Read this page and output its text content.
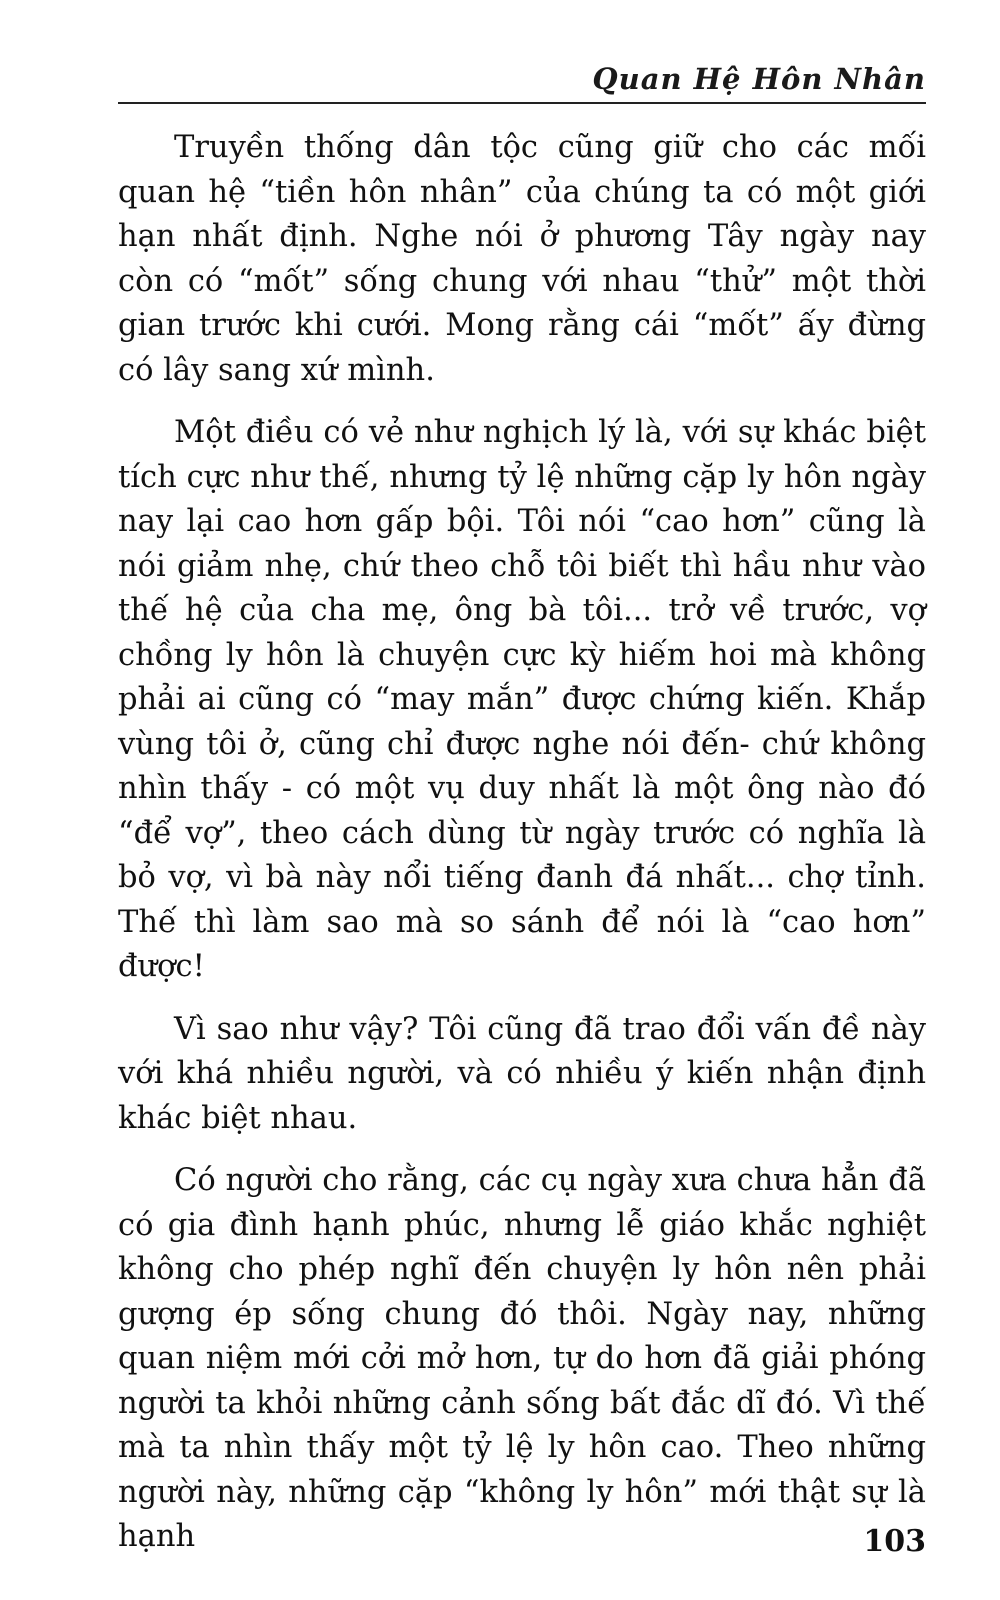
Quan Hệ Hôn Nhân

Truyền thống dân tộc cũng giữ cho các mối quan hệ “tiền hôn nhân” của chúng ta có một giới hạn nhất định. Nghe nói ở phương Tây ngày nay còn có “mốt” sống chung với nhau “thử” một thời gian trước khi cưới. Mong rằng cái “mốt” ấy đừng có lây sang xứ mình.

Một điều có vẻ như nghịch lý là, với sự khác biệt tích cực như thế, nhưng tỷ lệ những cặp ly hôn ngày nay lại cao hơn gấp bội. Tôi nói “cao hơn” cũng là nói giảm nhẹ, chứ theo chỗ tôi biết thì hầu như vào thế hệ của cha mẹ, ông bà tôi... trở về trước, vợ chồng ly hôn là chuyện cực kỳ hiếm hoi mà không phải ai cũng có “may mắn” được chứng kiến. Khắp vùng tôi ở, cũng chỉ được nghe nói đến- chứ không nhìn thấy - có một vụ duy nhất là một ông nào đó “để vợ”, theo cách dùng từ ngày trước có nghĩa là bỏ vợ, vì bà này nổi tiếng đanh đá nhất... chợ tỉnh. Thế thì làm sao mà so sánh để nói là “cao hơn” được!

Vì sao như vậy? Tôi cũng đã trao đổi vấn đề này với khá nhiều người, và có nhiều ý kiến nhận định khác biệt nhau.

Có người cho rằng, các cụ ngày xưa chưa hẳn đã có gia đình hạnh phúc, nhưng lễ giáo khắc nghiệt không cho phép nghĩ đến chuyện ly hôn nên phải gượng ép sống chung đó thôi. Ngày nay, những quan niệm mới cởi mở hơn, tự do hơn đã giải phóng người ta khỏi những cảnh sống bất đắc dĩ đó. Vì thế mà ta nhìn thấy một tỷ lệ ly hôn cao. Theo những người này, những cặp “không ly hôn” mới thật sự là hạnh	103
